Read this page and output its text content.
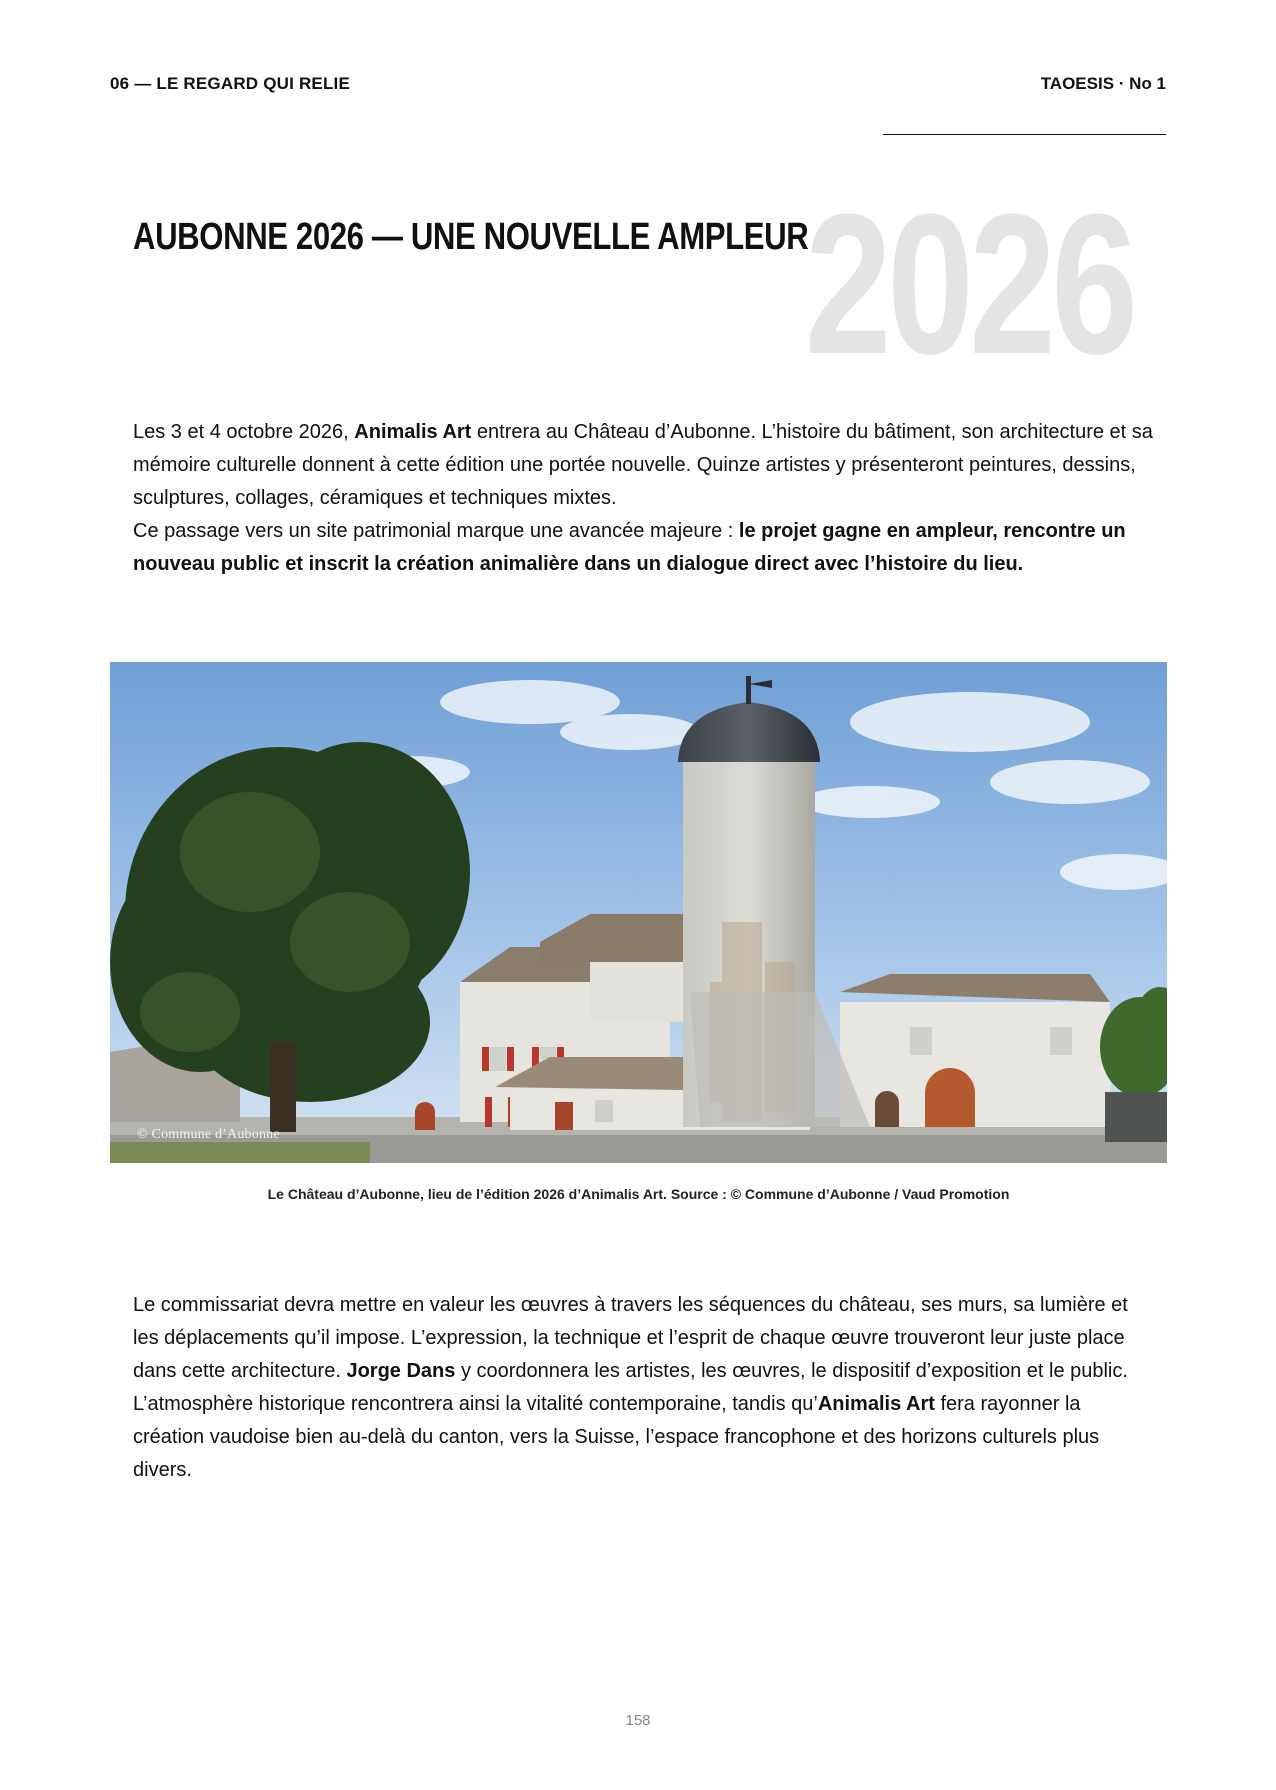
06 — LE REGARD QUI RELIE	TAOESIS · No 1
2026
AUBONNE 2026 — UNE NOUVELLE AMPLEUR

Les 3 et 4 octobre 2026, Animalis Art entrera au Château d’Aubonne. L’histoire du bâtiment, son architecture et sa mémoire culturelle donnent à cette édition une portée nouvelle. Quinze artistes y présenteront peintures, dessins, sculptures, collages, céramiques et techniques mixtes.

Ce passage vers un site patrimonial marque une avancée majeure : le projet gagne en ampleur, rencontre un nouveau public et inscrit la création animalière dans un dialogue direct avec l’histoire du lieu.

© Commune d’Aubonne
Le Château d’Aubonne, lieu de l’édition 2026 d’Animalis Art. Source : © Commune d’Aubonne / Vaud Promotion

Le commissariat devra mettre en valeur les œuvres à travers les séquences du château, ses murs, sa lumière et les déplacements qu’il impose. L’expression, la technique et l’esprit de chaque œuvre trouveront leur juste place dans cette architecture. Jorge Dans y coordonnera les artistes, les œuvres, le dispositif d’exposition et le public. L’atmosphère historique rencontrera ainsi la vitalité contemporaine, tandis qu’Animalis Art fera rayonner la création vaudoise bien au-delà du canton, vers la Suisse, l’espace francophone et des horizons culturels plus divers.

158
